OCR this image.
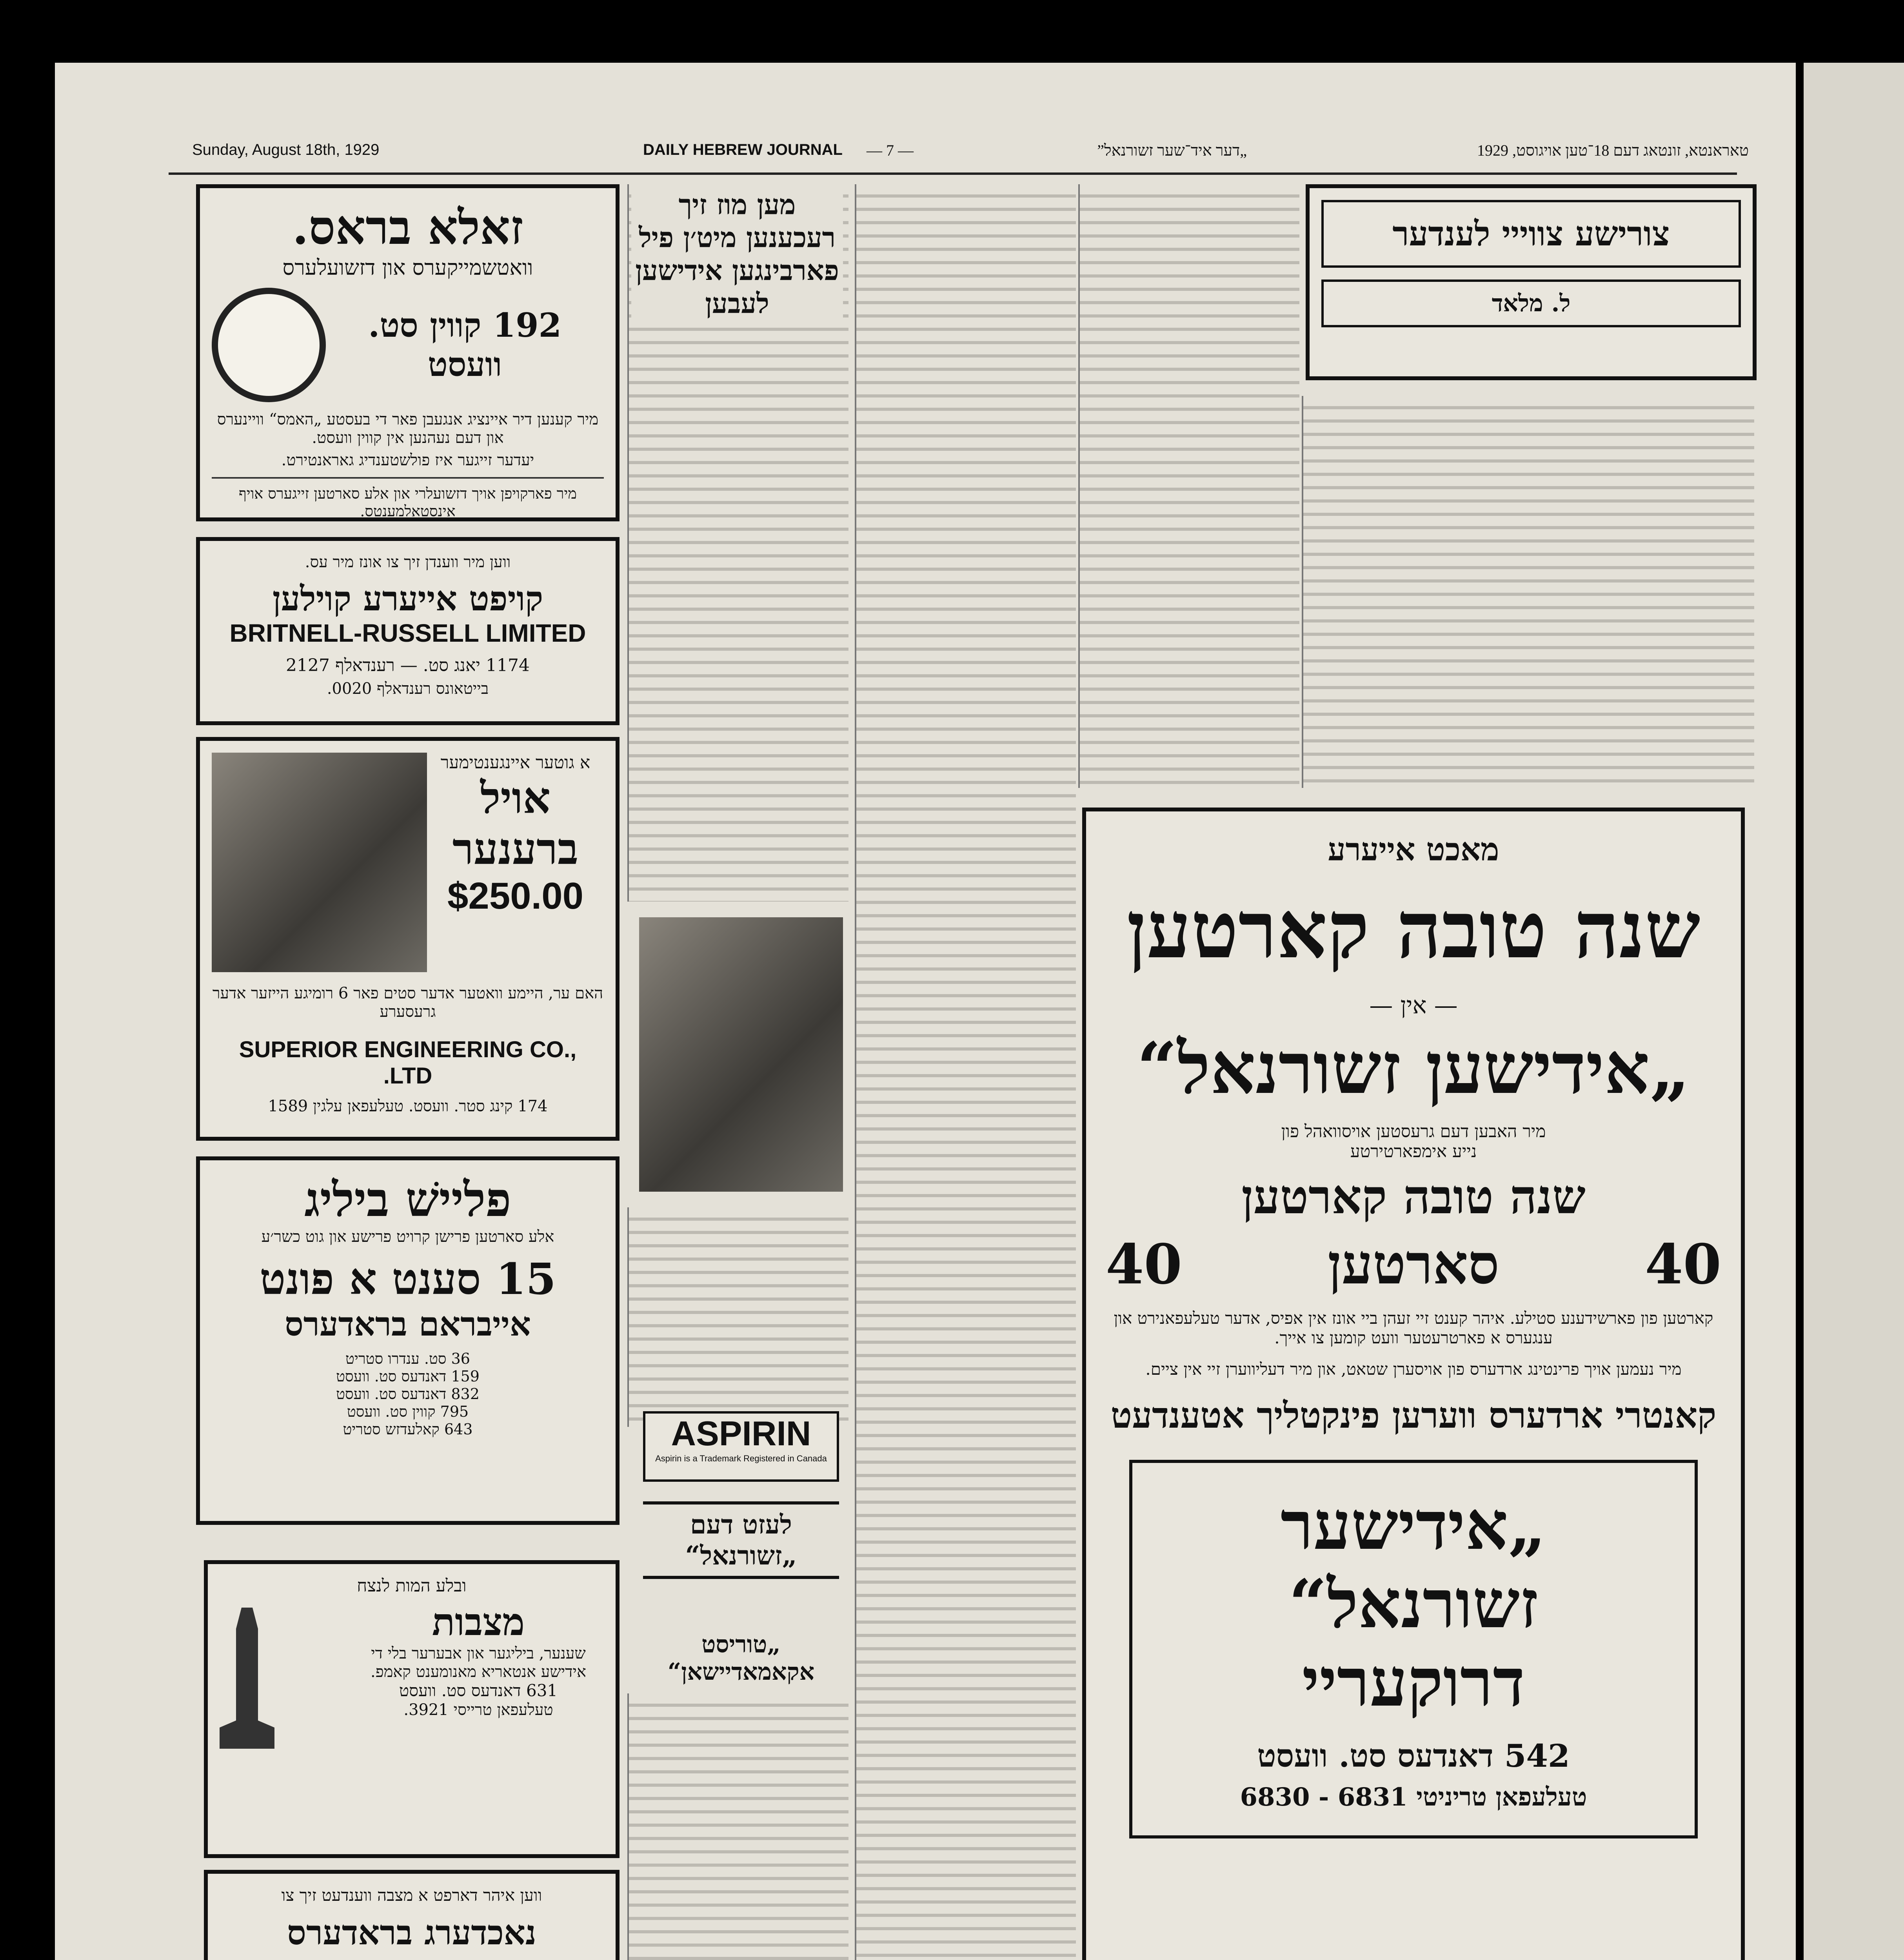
Sunday, August 18th, 1929	DAILY HEBREW JOURNAL — 7 —	„דער איד־שער זשורנאל”	טאראנטא, זונטאג דעם 18־טען אויגוסט, 1929
זאלא בראס.
וואטשמייקערס און דזשועלערס
192 קווין סט. וועסט
מיר קענען דיר איינציג אנגעבן פאר די בעסטע „האמס“ וויינערס און דעם נעהנען אין קווין וועסט.
יעדער זייגער איז פולשטענדיג גאראנטירט.
מיר פארקויפן אויך דזשועלרי און אלע סארטען זייגערס אויף אינסטאלמענטס.
ווען מיר ווענדן זיך צו אונז מיר עס.
קויפט אייערע קוילען
BRITNELL-RUSSELL LIMITED
1174 יאנג סט. — רענדאלף 2127
בייטאונס רענדאלף 0020.
א גוטער איינגענטימער
אויל ברענער
$250.00
האם ער, היימע וואטער אדער סטים פאר 6 רומיגע הייזער אדער גרעסערע
SUPERIOR ENGINEERING CO., LTD.
174 קינג סטר. וועסט. טעלעפאן עלגין 1589
פליישׁ ביליג
אלע סארטען פרישן קרויט פרישע און גוט כשר׳ע
15 סענט א פונט
אייבראם בראדערס
36 סט. ענדרו סטריט
159 דאנדעס סט. וועסט
832 דאנדעס סט. וועסט
795 קווין סט. וועסט
643 קאלעדזש סטריט
ובלע המות לנצח
מצבות
שענער, ביליגער און אבערער בלי די אידישע אנטאריא מאנומענט קאמפ.
631 דאנדעס סט. וועסט
טעלעפאן טרייסי 3921.
ווען איהר דארפט א מצבה ווענדעט זיך צו
נאכדערג בראדערס
מען מוז זיך רעכענען מיט׳ן פיל פארבינגען אידישען לעבען
ASPIRIN
Aspirin is a Trademark Registered in Canada
לעזט דעם „זשורנאל“
„טוריסט אקאמאדיישאן“
צורישע צווייי לענדער
ל. מלאד
מאכט אייערע
שנה טובה קארטען
— אין —
„אידישען זשורנאל“
מיר האבען דעם גרעסטען אויסוואהל פון
נייע אימפארטירטע
שנה טובה קארטען
40
סארטען
40
קארטען פון פארשידענע סטילע. איהר קענט זיי זעהן ביי אונז אין אפיס, אדער טעלעפאנירט און ענגערס א פארטרעטער וועט קומען צו אייך.
מיר נעמען אויך פרינטינג ארדערס פון אויסערן שטאט, און מיר דעליווערן זיי אין ציים.
קאנטרי ארדערס ווערען פינקטליך אטענדעט
„אידישער
זשורנאל“
דרוקעריי
542 דאנדעס סט. וועסט
טעלעפאן טריניטי 6831 - 6830
